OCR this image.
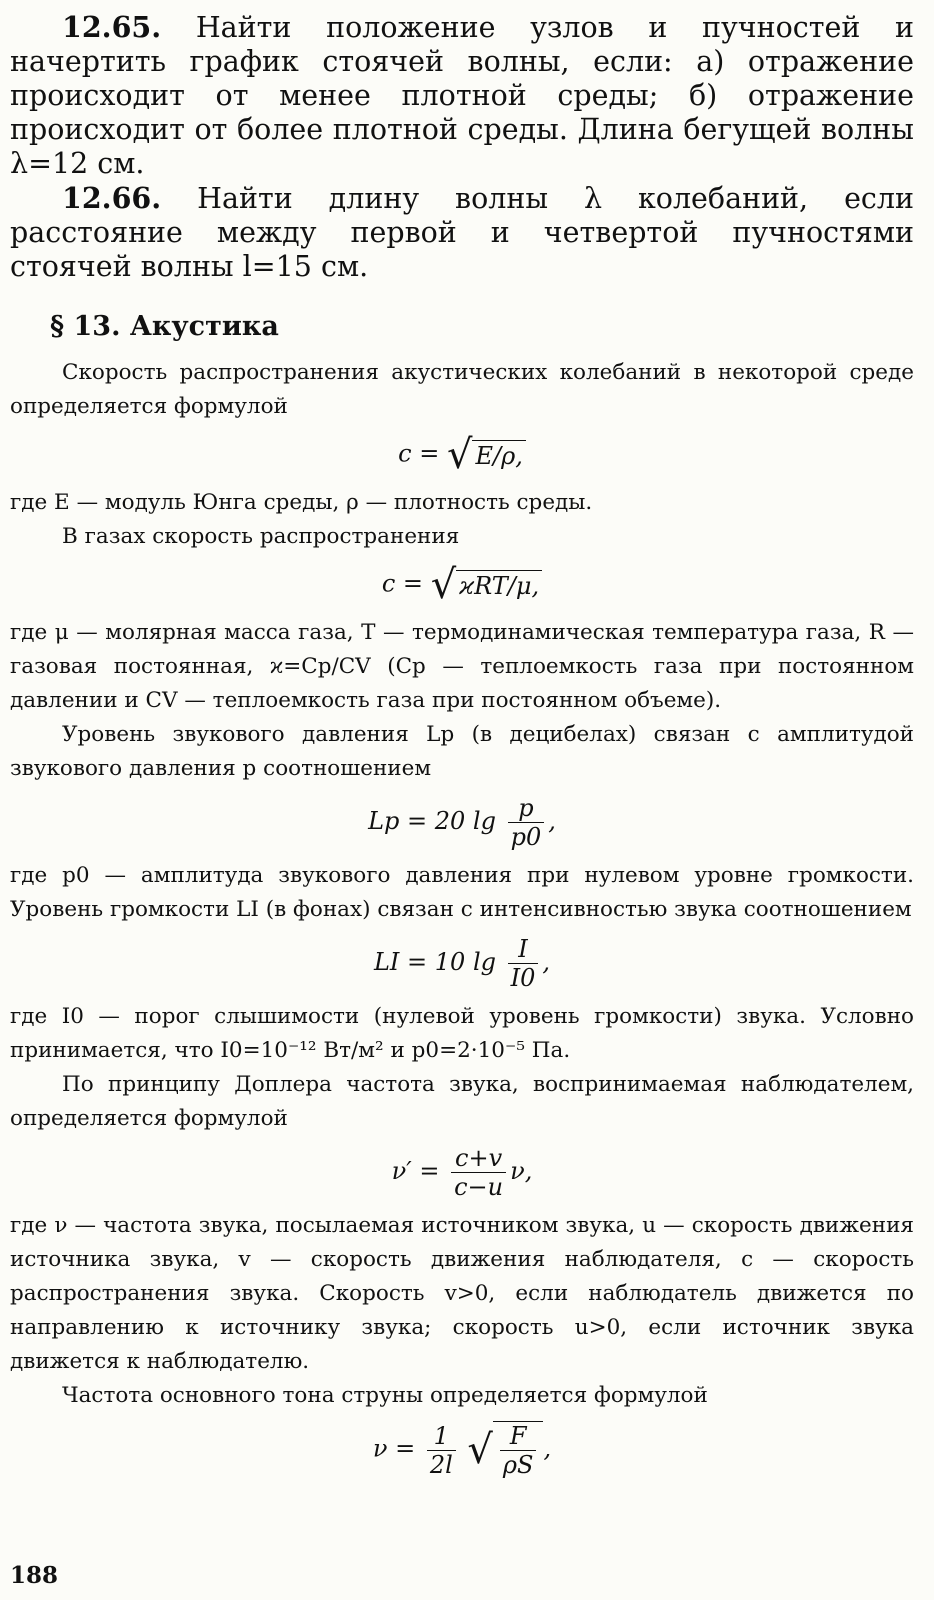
12.65. Найти положение узлов и пучностей и начертить график стоячей волны, если: а) отражение происходит от менее плотной среды; б) отражение происходит от более плотной среды. Длина бегущей волны λ=12 см.

12.66. Найти длину волны λ колебаний, если расстояние между первой и четвертой пучностями стоячей волны l=15 см.

§ 13. Акустика

Скорость распространения акустических колебаний в некоторой среде определяется формулой

c = √ E/ρ,

где E — модуль Юнга среды, ρ — плотность среды.

В газах скорость распространения

c = √ ϰRT/μ,

где μ — молярная масса газа, T — термодинамическая температура газа, R — газовая постоянная, ϰ=Cp/CV (Cp — теплоемкость газа при постоянном давлении и CV — теплоемкость газа при постоянном объеме).

Уровень звукового давления Lp (в децибелах) связан с амплитудой звукового давления p соотношением

Lp = 20 $\lg \frac{p}{p0}$ ,

где p0 — амплитуда звукового давления при нулевом уровне громкости. Уровень громкости LI (в фонах) связан с интенсивностью звука соотношением

LI = 10 $\lg \frac{I}{I0}$ ,

где I0 — порог слышимости (нулевой уровень громкости) звука. Условно принимается, что I0=10⁻¹² Вт/м² и p0=2·10⁻⁵ Па.

По принципу Доплера частота звука, воспринимаемая наблюдателем, определяется формулой

$\nu' = \frac{c+v}{c-u} \nu$,

где ν — частота звука, посылаемая источником звука, u — скорость движения источника звука, v — скорость движения наблюдателя, c — скорость распространения звука. Скорость v>0, если наблюдатель движется по направлению к источнику звука; скорость u>0, если источник звука движется к наблюдателю.

Частота основного тона струны определяется формулой

$\nu = \frac{1}{2l}$ √ $\frac{F}{\rho S}$ ,
188
